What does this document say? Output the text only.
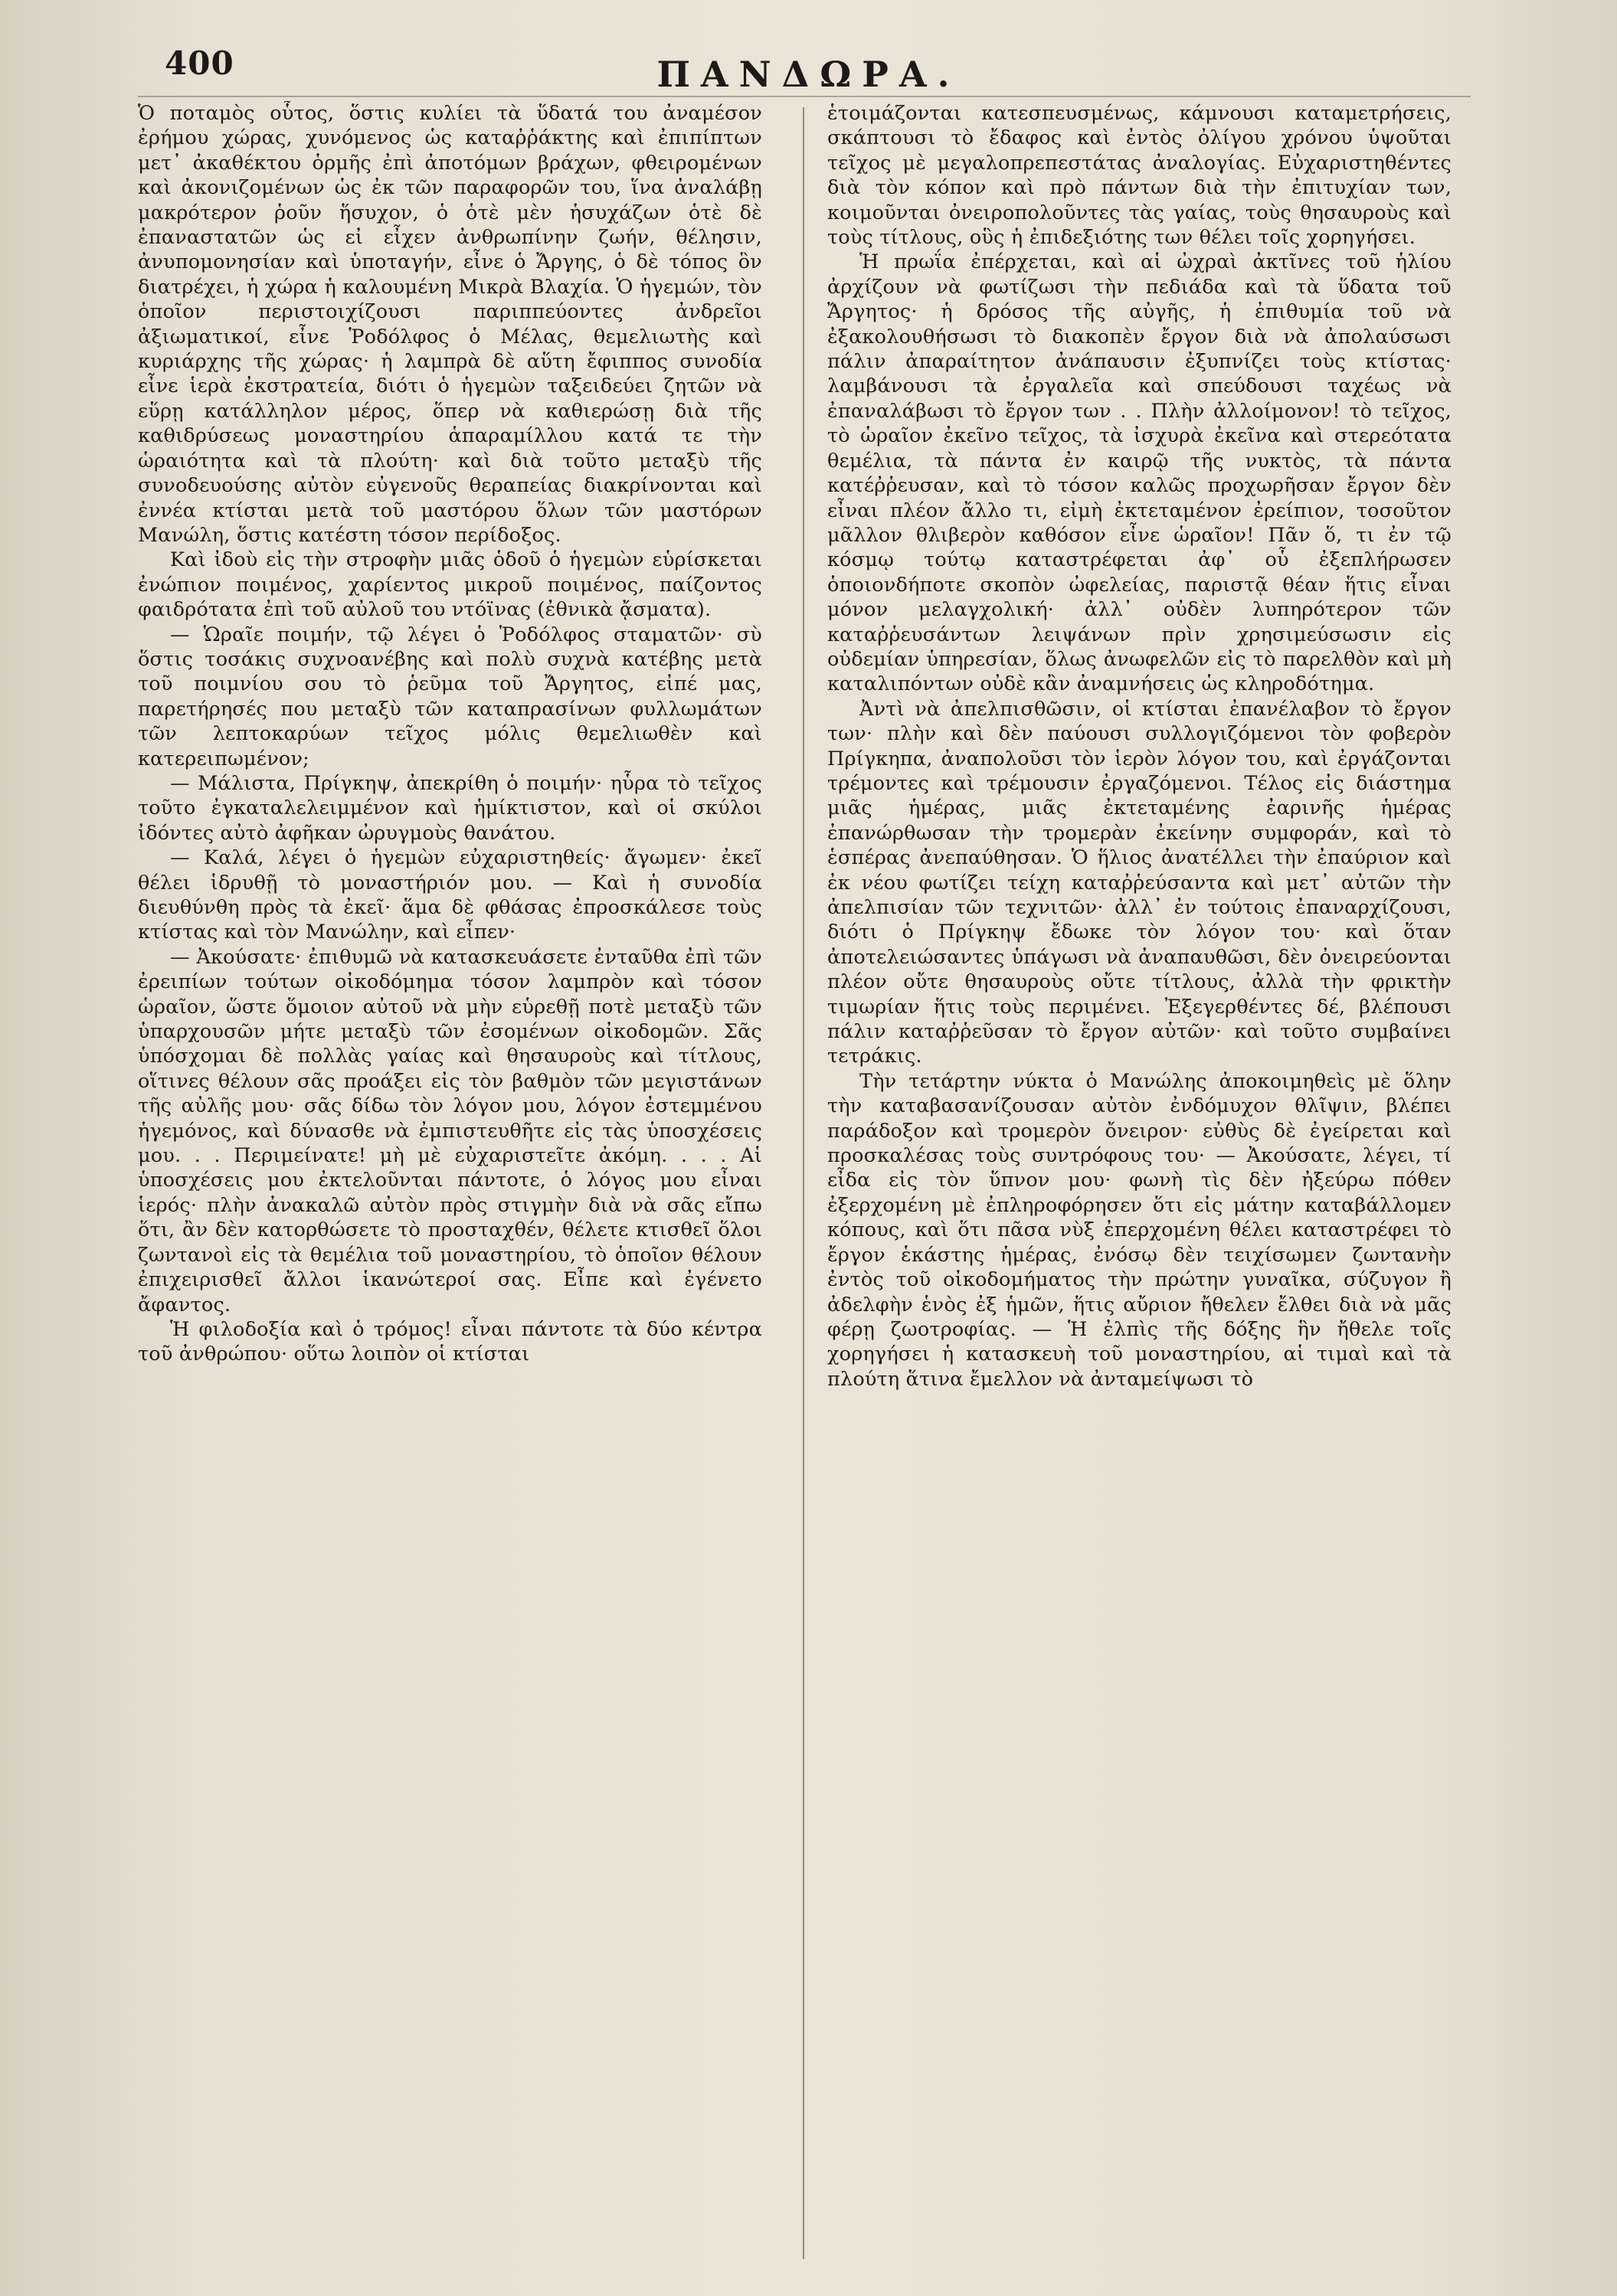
400	ΠΑΝΔΩΡΑ.

Ὁ ποταμὸς οὗτος, ὅστις κυλίει τὰ ὕδατά του ἀναμέσον ἐρήμου χώρας, χυνόμενος ὡς καταῤῥάκτης καὶ ἐπιπίπτων μετ᾽ ἀκαθέκτου ὁρμῆς ἐπὶ ἀποτόμων βράχων, φθειρομένων καὶ ἀκονιζομένων ὡς ἐκ τῶν παραφορῶν του, ἵνα ἀναλάβῃ μακρότερον ῥοῦν ἥσυχον, ὁ ὁτὲ μὲν ἡσυχάζων ὁτὲ δὲ ἐπαναστατῶν ὡς εἰ εἶχεν ἀνθρωπίνην ζωήν, θέλησιν, ἀνυπομονησίαν καὶ ὑποταγήν, εἶνε ὁ Ἄργης, ὁ δὲ τόπος ὃν διατρέχει, ἡ χώρα ἡ καλουμένη Μικρὰ Βλαχία. Ὁ ἡγεμών, τὸν ὁποῖον περιστοιχίζουσι παριππεύοντες ἀνδρεῖοι ἀξιωματικοί, εἶνε Ῥοδόλφος ὁ Μέλας, θεμελιωτὴς καὶ κυριάρχης τῆς χώρας· ἡ λαμπρὰ δὲ αὕτη ἔφιππος συνοδία εἶνε ἱερὰ ἐκστρατεία, διότι ὁ ἡγεμὼν ταξειδεύει ζητῶν νὰ εὕρῃ κατάλληλον μέρος, ὅπερ νὰ καθιερώσῃ διὰ τῆς καθιδρύσεως μοναστηρίου ἁπαραμίλλου κατά τε τὴν ὡραιότητα καὶ τὰ πλούτη· καὶ διὰ τοῦτο μεταξὺ τῆς συνοδευούσης αὐτὸν εὐγενοῦς θεραπείας διακρίνονται καὶ ἐννέα κτίσται μετὰ τοῦ μαστόρου ὅλων τῶν μαστόρων Μανώλη, ὅστις κατέστη τόσον περίδοξος.

Καὶ ἰδοὺ εἰς τὴν στροφὴν μιᾶς ὁδοῦ ὁ ἡγεμὼν εὑρίσκεται ἐνώπιον ποιμένος, χαρίεντος μικροῦ ποιμένος, παίζοντος φαιδρότατα ἐπὶ τοῦ αὐλοῦ του ντόϊνας (ἐθνικὰ ᾄσματα).

— Ὡραῖε ποιμήν, τῷ λέγει ὁ Ῥοδόλφος σταματῶν· σὺ ὅστις τοσάκις συχνοανέβης καὶ πολὺ συχνὰ κατέβης μετὰ τοῦ ποιμνίου σου τὸ ῥεῦμα τοῦ Ἄργητος, εἰπέ μας, παρετήρησές που μεταξὺ τῶν καταπρασίνων φυλλωμάτων τῶν λεπτοκαρύων τεῖχος μόλις θεμελιωθὲν καὶ κατερειπωμένον;

— Μάλιστα, Πρίγκηψ, ἀπεκρίθη ὁ ποιμήν· ηὗρα τὸ τεῖχος τοῦτο ἐγκαταλελειμμένον καὶ ἡμίκτιστον, καὶ οἱ σκύλοι ἰδόντες αὐτὸ ἀφῆκαν ὠρυγμοὺς θανάτου.

— Καλά, λέγει ὁ ἡγεμὼν εὐχαριστηθείς· ἄγωμεν· ἐκεῖ θέλει ἱδρυθῇ τὸ μοναστήριόν μου. — Καὶ ἡ συνοδία διευθύνθη πρὸς τὰ ἐκεῖ· ἅμα δὲ φθάσας ἐπροσκάλεσε τοὺς κτίστας καὶ τὸν Μανώλην, καὶ εἶπεν·

— Ἀκούσατε· ἐπιθυμῶ νὰ κατασκευάσετε ἐνταῦθα ἐπὶ τῶν ἐρειπίων τούτων οἰκοδόμημα τόσον λαμπρὸν καὶ τόσον ὡραῖον, ὥστε ὅμοιον αὐτοῦ νὰ μὴν εὑρεθῇ ποτὲ μεταξὺ τῶν ὑπαρχουσῶν μήτε μεταξὺ τῶν ἐσομένων οἰκοδομῶν. Σᾶς ὑπόσχομαι δὲ πολλὰς γαίας καὶ θησαυροὺς καὶ τίτλους, οἵτινες θέλουν σᾶς προάξει εἰς τὸν βαθμὸν τῶν μεγιστάνων τῆς αὐλῆς μου· σᾶς δίδω τὸν λόγον μου, λόγον ἐστεμμένου ἡγεμόνος, καὶ δύνασθε νὰ ἐμπιστευθῆτε εἰς τὰς ὑποσχέσεις μου. . . Περιμείνατε! μὴ μὲ εὐχαριστεῖτε ἀκόμη. . . . Αἱ ὑποσχέσεις μου ἐκτελοῦνται πάντοτε, ὁ λόγος μου εἶναι ἱερός· πλὴν ἀνακαλῶ αὐτὸν πρὸς στιγμὴν διὰ νὰ σᾶς εἴπω ὅτι, ἂν δὲν κατορθώσετε τὸ προσταχθέν, θέλετε κτισθεῖ ὅλοι ζωντανοὶ εἰς τὰ θεμέλια τοῦ μοναστηρίου, τὸ ὁποῖον θέλουν ἐπιχειρισθεῖ ἄλλοι ἱκανώτεροί σας. Εἶπε καὶ ἐγένετο ἄφαντος.

Ἡ φιλοδοξία καὶ ὁ τρόμος! εἶναι πάντοτε τὰ δύο κέντρα τοῦ ἀνθρώπου· οὕτω λοιπὸν οἱ κτίσται

ἑτοιμάζονται κατεσπευσμένως, κάμνουσι καταμετρήσεις, σκάπτουσι τὸ ἔδαφος καὶ ἐντὸς ὀλίγου χρόνου ὑψοῦται τεῖχος μὲ μεγαλοπρεπεστάτας ἀναλογίας. Εὐχαριστηθέντες διὰ τὸν κόπον καὶ πρὸ πάντων διὰ τὴν ἐπιτυχίαν των, κοιμοῦνται ὀνειροπολοῦντες τὰς γαίας, τοὺς θησαυροὺς καὶ τοὺς τίτλους, οὓς ἡ ἐπιδεξιότης των θέλει τοῖς χορηγήσει.

Ἡ πρωΐα ἐπέρχεται, καὶ αἱ ὠχραὶ ἀκτῖνες τοῦ ἡλίου ἀρχίζουν νὰ φωτίζωσι τὴν πεδιάδα καὶ τὰ ὕδατα τοῦ Ἄργητος· ἡ δρόσος τῆς αὐγῆς, ἡ ἐπιθυμία τοῦ νὰ ἐξακολουθήσωσι τὸ διακοπὲν ἔργον διὰ νὰ ἀπολαύσωσι πάλιν ἀπαραίτητον ἀνάπαυσιν ἐξυπνίζει τοὺς κτίστας· λαμβάνουσι τὰ ἐργαλεῖα καὶ σπεύδουσι ταχέως νὰ ἐπαναλάβωσι τὸ ἔργον των . . Πλὴν ἀλλοίμονον! τὸ τεῖχος, τὸ ὡραῖον ἐκεῖνο τεῖχος, τὰ ἰσχυρὰ ἐκεῖνα καὶ στερεότατα θεμέλια, τὰ πάντα ἐν καιρῷ τῆς νυκτὸς, τὰ πάντα κατέῤῥευσαν, καὶ τὸ τόσον καλῶς προχωρῆσαν ἔργον δὲν εἶναι πλέον ἄλλο τι, εἰμὴ ἐκτεταμένον ἐρείπιον, τοσοῦτον μᾶλλον θλιβερὸν καθόσον εἶνε ὡραῖον! Πᾶν ὅ, τι ἐν τῷ κόσμῳ τούτῳ καταστρέφεται ἀφ᾽ οὗ ἐξεπλήρωσεν ὁποιονδήποτε σκοπὸν ὠφελείας, παριστᾷ θέαν ἥτις εἶναι μόνον μελαγχολική· ἀλλ᾽ οὐδὲν λυπηρότερον τῶν καταῤῥευσάντων λειψάνων πρὶν χρησιμεύσωσιν εἰς οὐδεμίαν ὑπηρεσίαν, ὅλως ἀνωφελῶν εἰς τὸ παρελθὸν καὶ μὴ καταλιπόντων οὐδὲ κἂν ἀναμνήσεις ὡς κληροδότημα.

Ἀντὶ νὰ ἀπελπισθῶσιν, οἱ κτίσται ἐπανέλαβον τὸ ἔργον των· πλὴν καὶ δὲν παύουσι συλλογιζόμενοι τὸν φοβερὸν Πρίγκηπα, ἀναπολοῦσι τὸν ἱερὸν λόγον του, καὶ ἐργάζονται τρέμοντες καὶ τρέμουσιν ἐργαζόμενοι. Τέλος εἰς διάστημα μιᾶς ἡμέρας, μιᾶς ἐκτεταμένης ἐαρινῆς ἡμέρας ἐπανώρθωσαν τὴν τρομερὰν ἐκείνην συμφοράν, καὶ τὸ ἑσπέρας ἀνεπαύθησαν. Ὁ ἥλιος ἀνατέλλει τὴν ἐπαύριον καὶ ἐκ νέου φωτίζει τείχη καταῤῥεύσαντα καὶ μετ᾽ αὐτῶν τὴν ἀπελπισίαν τῶν τεχνιτῶν· ἀλλ᾽ ἐν τούτοις ἐπαναρχίζουσι, διότι ὁ Πρίγκηψ ἔδωκε τὸν λόγον του· καὶ ὅταν ἀποτελειώσαντες ὑπάγωσι νὰ ἀναπαυθῶσι, δὲν ὀνειρεύονται πλέον οὔτε θησαυροὺς οὔτε τίτλους, ἀλλὰ τὴν φρικτὴν τιμωρίαν ἥτις τοὺς περιμένει. Ἐξεγερθέντες δέ, βλέπουσι πάλιν καταῤῥεῦσαν τὸ ἔργον αὐτῶν· καὶ τοῦτο συμβαίνει τετράκις.

Τὴν τετάρτην νύκτα ὁ Μανώλης ἀποκοιμηθεὶς μὲ ὅλην τὴν καταβασανίζουσαν αὐτὸν ἐνδόμυχον θλῖψιν, βλέπει παράδοξον καὶ τρομερὸν ὄνειρον· εὐθὺς δὲ ἐγείρεται καὶ προσκαλέσας τοὺς συντρόφους του· — Ἀκούσατε, λέγει, τί εἶδα εἰς τὸν ὕπνον μου· φωνὴ τὶς δὲν ἠξεύρω πόθεν ἐξερχομένη μὲ ἐπληροφόρησεν ὅτι εἰς μάτην καταβάλλομεν κόπους, καὶ ὅτι πᾶσα νὺξ ἐπερχομένη θέλει καταστρέφει τὸ ἔργον ἑκάστης ἡμέρας, ἐνόσῳ δὲν τειχίσωμεν ζωντανὴν ἐντὸς τοῦ οἰκοδομήματος τὴν πρώτην γυναῖκα, σύζυγον ἢ ἀδελφὴν ἑνὸς ἐξ ἡμῶν, ἥτις αὔριον ἤθελεν ἔλθει διὰ νὰ μᾶς φέρῃ ζωοτροφίας. — Ἡ ἐλπὶς τῆς δόξης ἣν ἤθελε τοῖς χορηγήσει ἡ κατασκευὴ τοῦ μοναστηρίου, αἱ τιμαὶ καὶ τὰ πλούτη ἅτινα ἔμελλον νὰ ἀνταμείψωσι τὸ
